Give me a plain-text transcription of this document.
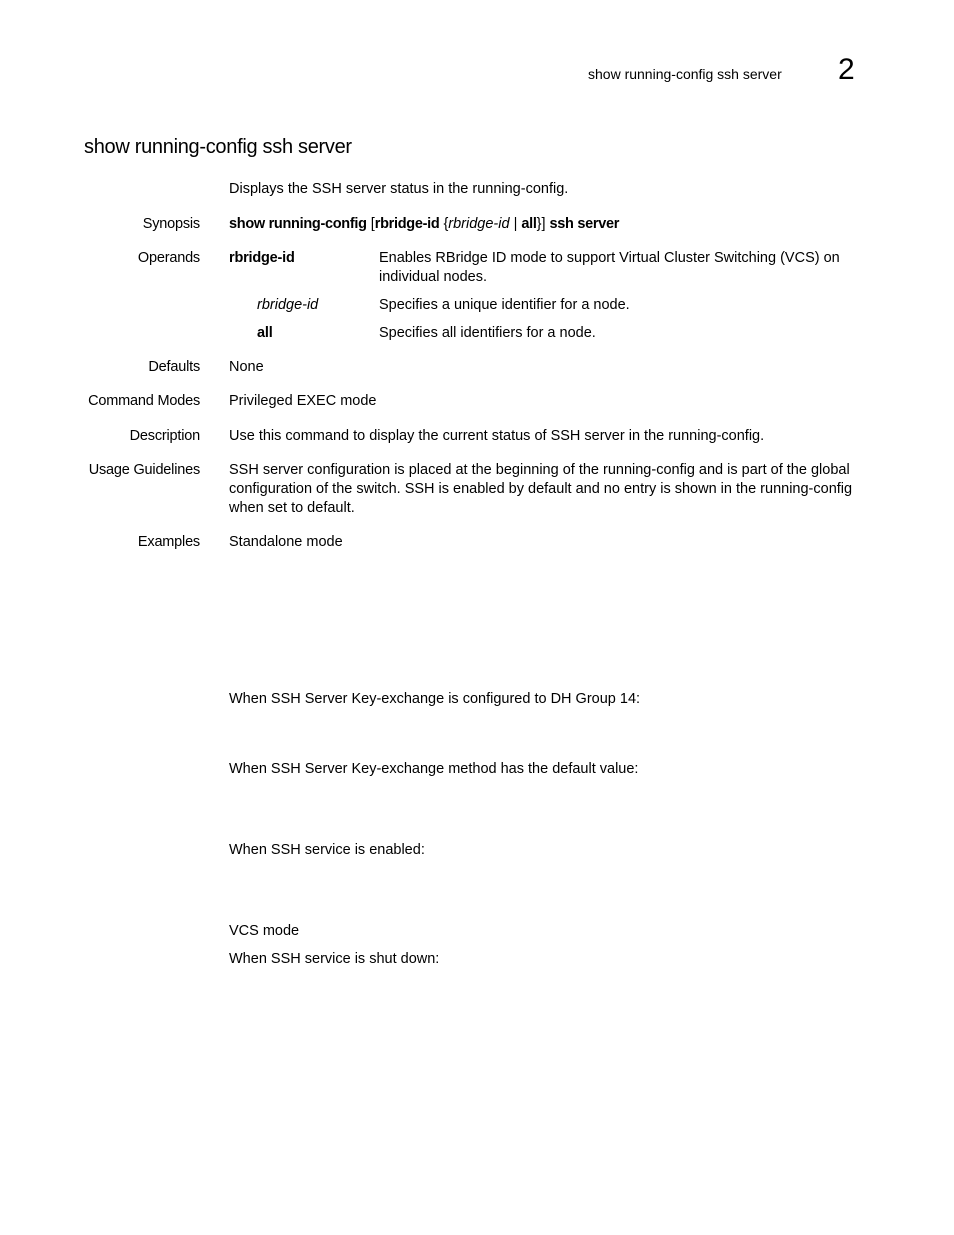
show running-config ssh server 2
show running-config ssh server
Displays the SSH server status in the running-config.
Synopsis show running-config [rbridge-id {rbridge-id | all}] ssh server
Operands rbridge-id	Enables RBridge ID mode to support Virtual Cluster Switching (VCS) on individual nodes.
rbridge-id	Specifies a unique identifier for a node.
all	Specifies all identifiers for a node.
Defaults None
Command Modes Privileged EXEC mode
Description Use this command to display the current status of SSH server in the running-config.
Usage Guidelines SSH server configuration is placed at the beginning of the running-config and is part of the global configuration of the switch. SSH is enabled by default and no entry is shown in the running-config when set to default.
Examples Standalone mode
When SSH Server Key-exchange is configured to DH Group 14:
When SSH Server Key-exchange method has the default value:
When SSH service is enabled:
VCS mode
When SSH service is shut down:
